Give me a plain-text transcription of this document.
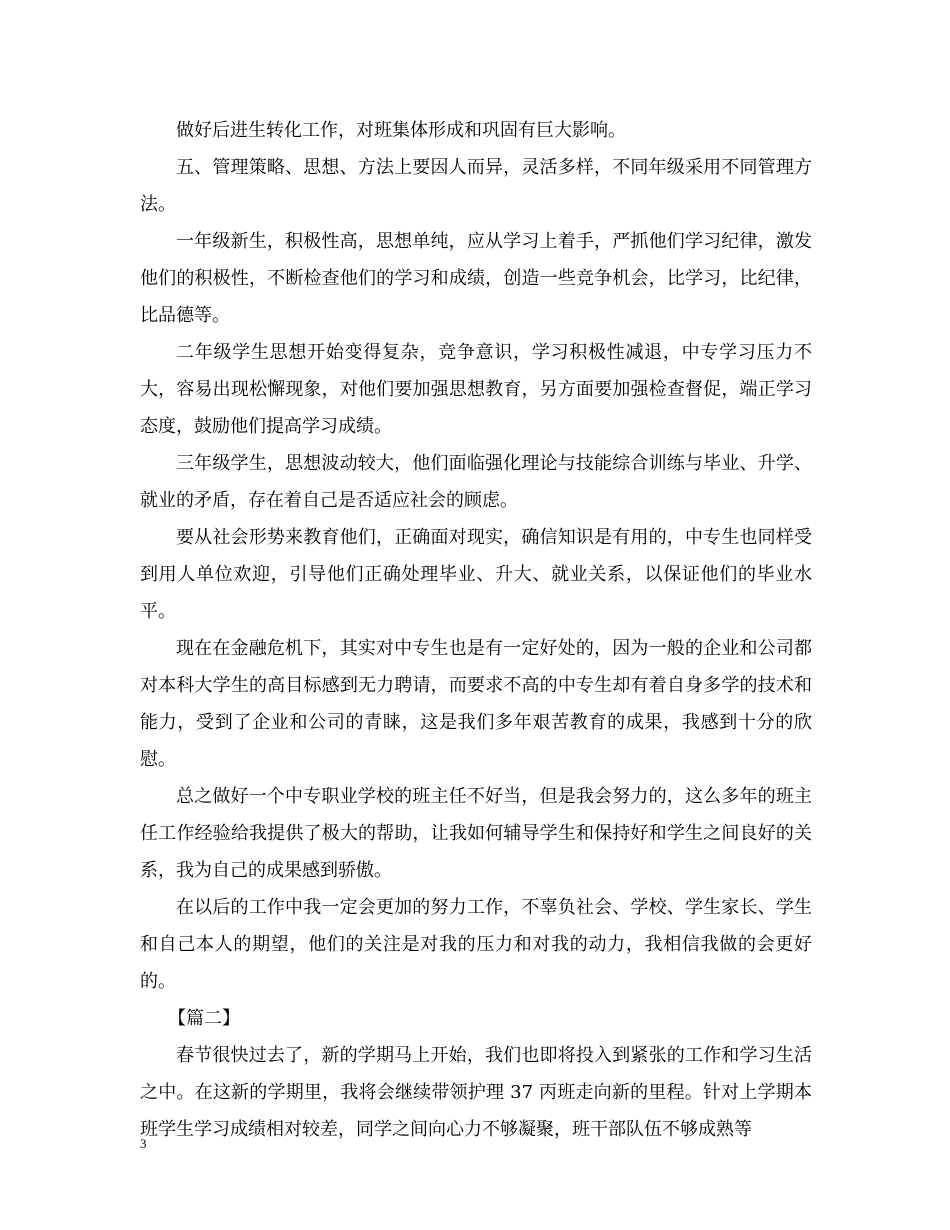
做好后进生转化工作，对班集体形成和巩固有巨大影响。

五、管理策略、思想、方法上要因人而异，灵活多样，不同年级采用不同管理方法。

一年级新生，积极性高，思想单纯，应从学习上着手，严抓他们学习纪律，激发他们的积极性，不断检查他们的学习和成绩，创造一些竞争机会，比学习，比纪律，比品德等。

二年级学生思想开始变得复杂，竞争意识，学习积极性减退，中专学习压力不大，容易出现松懈现象，对他们要加强思想教育，另方面要加强检查督促，端正学习态度，鼓励他们提高学习成绩。

三年级学生，思想波动较大，他们面临强化理论与技能综合训练与毕业、升学、就业的矛盾，存在着自己是否适应社会的顾虑。

要从社会形势来教育他们，正确面对现实，确信知识是有用的，中专生也同样受到用人单位欢迎，引导他们正确处理毕业、升大、就业关系，以保证他们的毕业水平。

现在在金融危机下，其实对中专生也是有一定好处的，因为一般的企业和公司都对本科大学生的高目标感到无力聘请，而要求不高的中专生却有着自身多学的技术和能力，受到了企业和公司的青睐，这是我们多年艰苦教育的成果，我感到十分的欣慰。

总之做好一个中专职业学校的班主任不好当，但是我会努力的，这么多年的班主任工作经验给我提供了极大的帮助，让我如何辅导学生和保持好和学生之间良好的关系，我为自己的成果感到骄傲。

在以后的工作中我一定会更加的努力工作，不辜负社会、学校、学生家长、学生和自己本人的期望，他们的关注是对我的压力和对我的动力，我相信我做的会更好的。

【篇二】

春节很快过去了，新的学期马上开始，我们也即将投入到紧张的工作和学习生活之中。在这新的学期里，我将会继续带领护理 37 丙班走向新的里程。针对上学期本班学生学习成绩相对较差，同学之间向心力不够凝聚，班干部队伍不够成熟等

3
